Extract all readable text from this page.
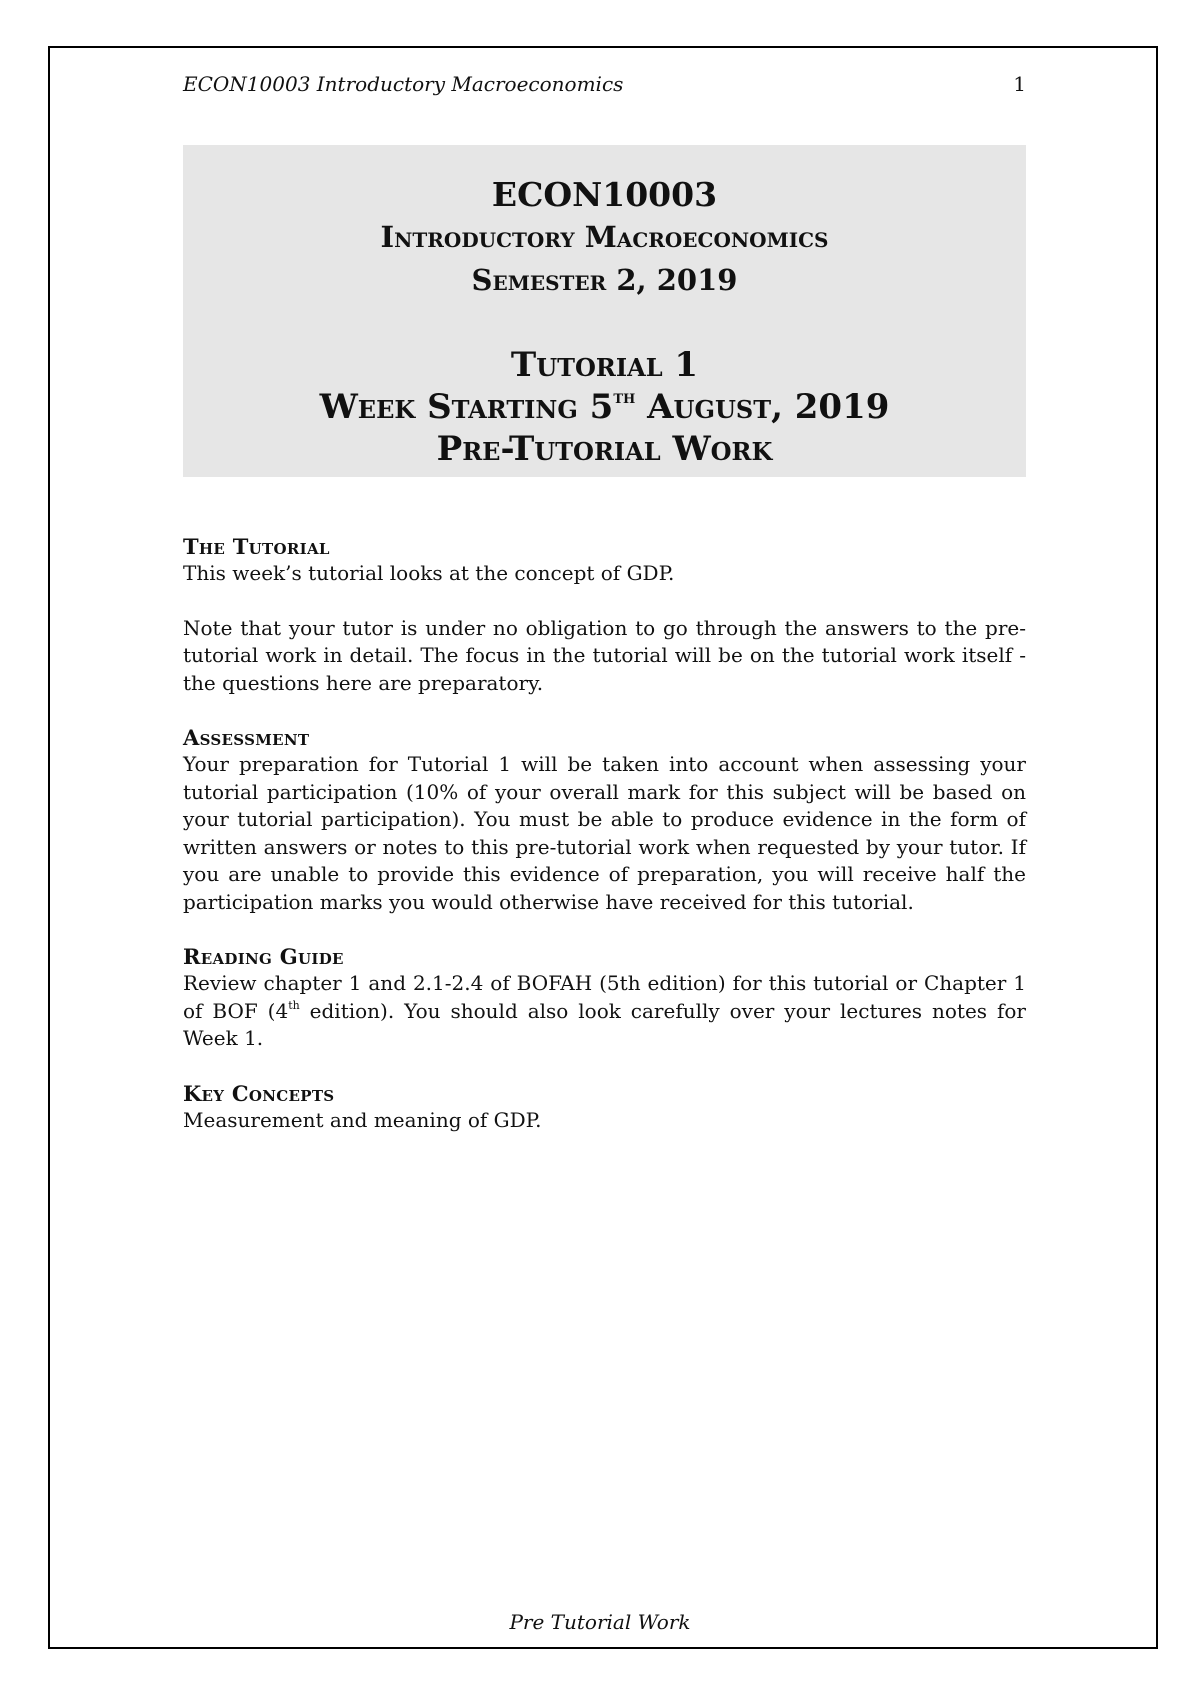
ECON10003 Introductory Macroeconomics	1
ECON10003
Introductory Macroeconomics
Semester 2, 2019
Tutorial 1
Week Starting 5th August, 2019
Pre-Tutorial Work
The Tutorial

This week’s tutorial looks at the concept of GDP.

Note that your tutor is under no obligation to go through the answers to the pre-tutorial work in detail. The focus in the tutorial will be on the tutorial work itself - the questions here are preparatory.

Assessment

Your preparation for Tutorial 1 will be taken into account when assessing your tutorial participation (10% of your overall mark for this subject will be based on your tutorial participation). You must be able to produce evidence in the form of written answers or notes to this pre-tutorial work when requested by your tutor. If you are unable to provide this evidence of preparation, you will receive half the participation marks you would otherwise have received for this tutorial.

Reading Guide

Review chapter 1 and 2.1-2.4 of BOFAH (5th edition) for this tutorial or Chapter 1 of BOF (4th edition). You should also look carefully over your lectures notes for Week 1.

Key Concepts

Measurement and meaning of GDP.

Pre Tutorial Work
